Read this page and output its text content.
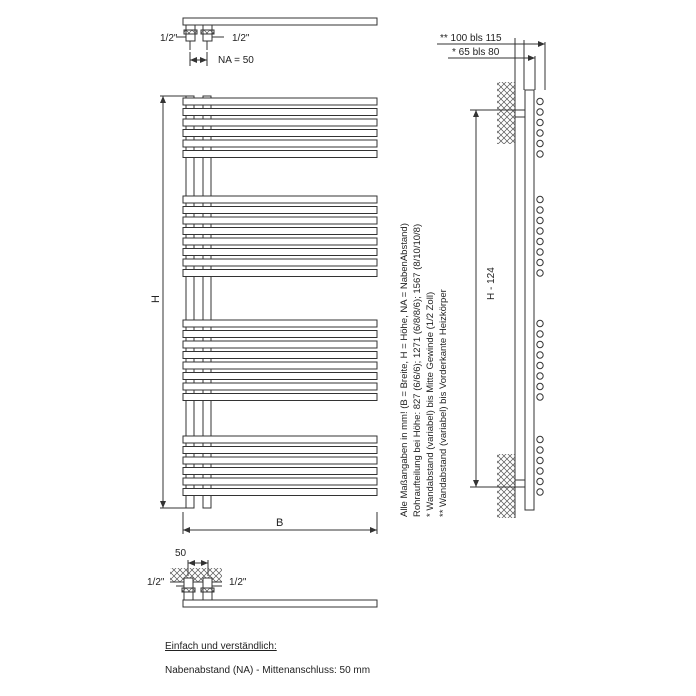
1/2"	1/2"
NA = 50
H
B
** 100 bls 115
* 65 bls 80
H - 124
50
1/2"	1/2"
Alle Maßangaben in mm! (B = Breite, H = Höhe, NA = NabenAbstand) Rohraufteilung bei Höhe: 827 (6/6/6); 1271 (6/8/8/6); 1567 (8/10/10/8) * Wandabstand (variabel) bis Mitte Gewinde (1/2 Zoll) ** Wandabstand (variabel) bis Vorderkante Heizkörper
Einfach und verständlich:
Nabenabstand (NA) - Mittenanschluss: 50 mm
